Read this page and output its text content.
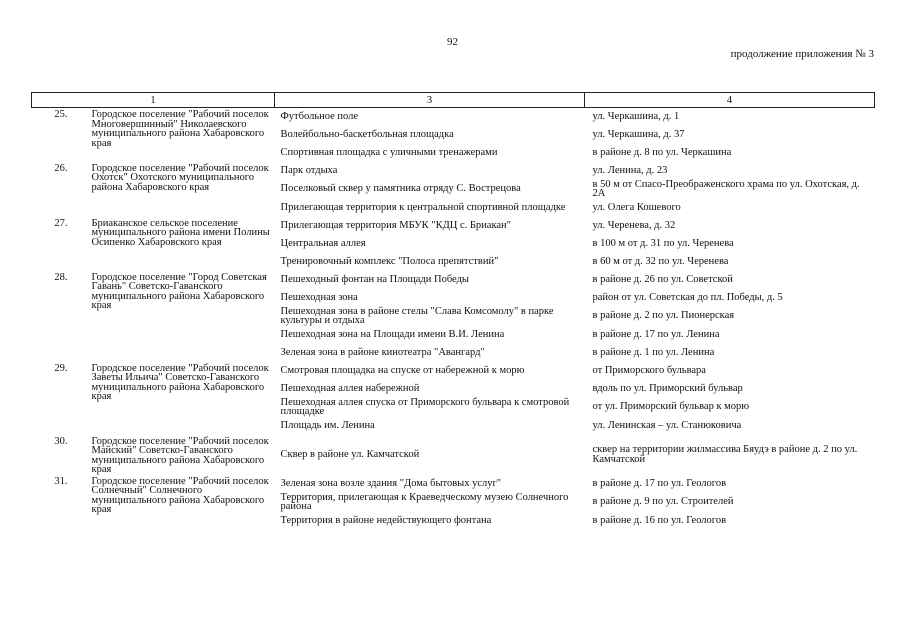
92
продолжение приложения № 3
1		3	4
25.	Городское поселение "Рабочий поселок Многовершинный" Николаевского муниципального района Хабаровского края	Футбольное поле	ул. Черкашина, д. 1
		Волейбольно-баскетбольная площадка	ул. Черкашина, д. 37
		Спортивная площадка с уличными тренажерами	в районе д. 8 по ул. Черкашина
26.	Городское поселение "Рабочий поселок Охотск" Охотского муниципального района Хабаровского края	Парк отдыха	ул. Ленина, д. 23
		Поселковый сквер у памятника отряду С. Вострецова	в 50 м от Спасо-Преображенского храма по ул. Охотская, д. 2А
		Прилегающая территория к центральной спортивной площадке	ул. Олега Кошевого
27.	Бриаканское сельское поселение муниципального района имени Полины Осипенко Хабаровского края	Прилегающая территория МБУК "КДЦ с. Бриакан"	ул. Черенева, д. 32
		Центральная аллея	в 100 м от д. 31 по ул. Черенева
		Тренировочный комплекс "Полоса препятствий"	в 60 м от д. 32 по ул. Черенева
28.	Городское поселение "Город Советская Гавань" Советско-Гаванского муниципального района Хабаровского края	Пешеходный фонтан на Площади Победы	в районе д. 26 по ул. Советской
		Пешеходная зона	район от ул. Советская до пл. Победы, д. 5
		Пешеходная зона в районе стелы "Слава Комсомолу" в парке культуры и отдыха	в районе д. 2 по ул. Пионерская
		Пешеходная зона на Площади имени В.И. Ленина	в районе д. 17 по ул. Ленина
		Зеленая зона в районе кинотеатра "Авангард"	в районе д. 1 по ул. Ленина
29.	Городское поселение "Рабочий поселок Заветы Ильича" Советско-Гаванского муниципального района Хабаровского края	Смотровая площадка на спуске от набережной к морю	от Приморского бульвара
		Пешеходная аллея набережной	вдоль по ул. Приморский бульвар
		Пешеходная аллея спуска от Приморского бульвара к смотровой площадке	от ул. Приморский бульвар к морю
		Площадь им. Ленина	ул. Ленинская – ул. Станюковича
30.	Городское поселение "Рабочий поселок Майский" Советско-Гаванского муниципального района Хабаровского края	Сквер в районе ул. Камчатской	сквер на территории жилмассива Бяудэ в районе д. 2 по ул. Камчатской
31.	Городское поселение "Рабочий поселок Солнечный" Солнечного муниципального района Хабаровского края	Зеленая зона возле здания "Дома бытовых услуг"	в районе д. 17 по ул. Геологов
		Территория, прилегающая к Краеведческому музею Солнечного района	в районе д. 9 по ул. Строителей
		Территория в районе недействующего фонтана	в районе д. 16 по ул. Геологов
